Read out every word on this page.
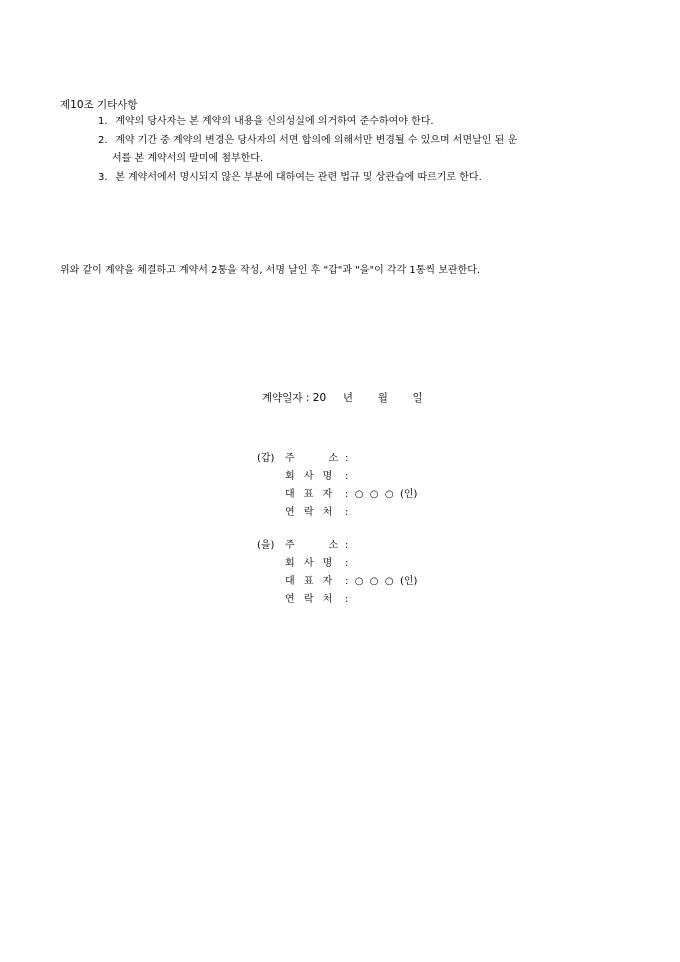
제10조 기타사항
1. 계약의 당사자는 본 계약의 내용을 신의성실에 의거하여 준수하여야 한다.
2. 계약 기간 중 계약의 변경은 당사자의 서면 합의에 의해서만 변경될 수 있으며 서면날인 된 운
서를 본 계약서의 말미에 첨부한다.
3. 본 계약서에서 명시되지 않은 부분에 대하여는 관련 법규 및 상관습에 따르기로 한다.
위와 같이 계약을 체결하고 계약서 2통을 작성, 서명 날인 후 "갑"과 "을"이 각각 1통씩 보관한다.
계약일자 : 20 년 월 일
(갑) 주     소 :
회 사 명 :
대 표 자 :  ○  ○  ○  (인)
연 락 처 :
(을) 주     소 :
회 사 명 :
대 표 자 :  ○  ○  ○  (인)
연 락 처 :
